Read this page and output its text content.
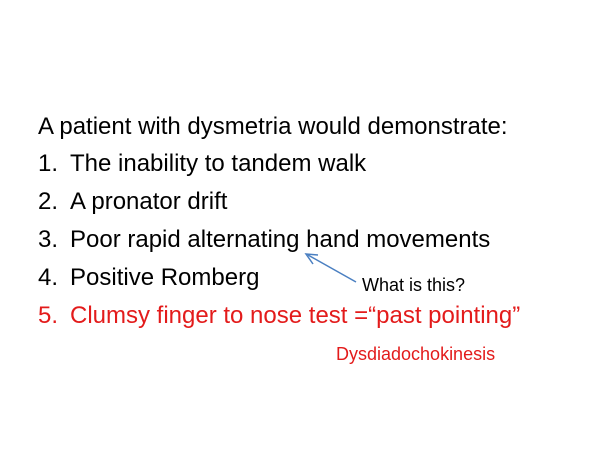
A patient with dysmetria would demonstrate:
1. The inability to tandem walk
2. A pronator drift
3. Poor rapid alternating hand movements
4. Positive Romberg
5. Clumsy finger to nose test =“past pointing”
What is this?
Dysdiadochokinesis
